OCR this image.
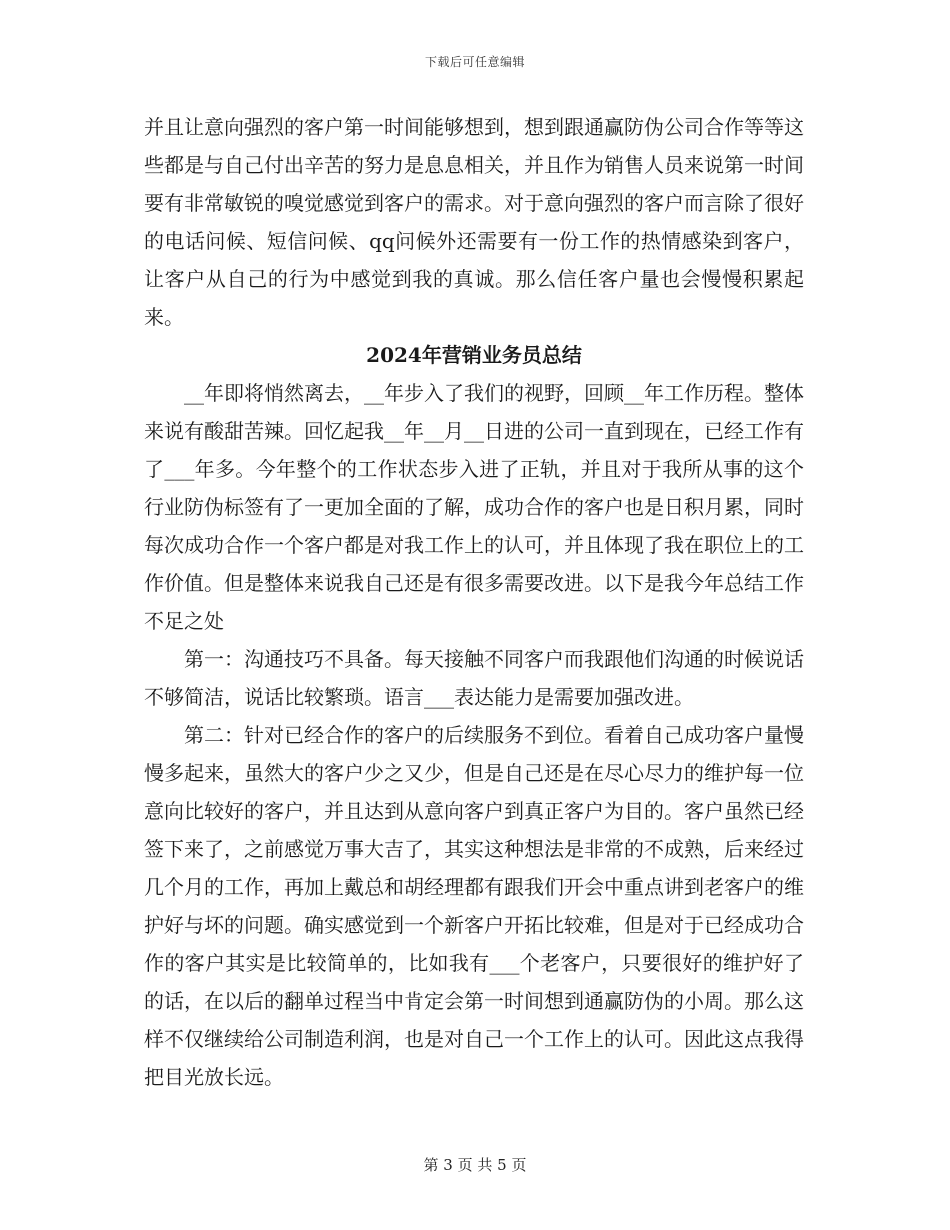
下载后可任意编辑

并且让意向强烈的客户第一时间能够想到，想到跟通赢防伪公司合作等等这些都是与自己付出辛苦的努力是息息相关，并且作为销售人员来说第一时间要有非常敏锐的嗅觉感觉到客户的需求。对于意向强烈的客户而言除了很好的电话问候、短信问候、qq问候外还需要有一份工作的热情感染到客户，让客户从自己的行为中感觉到我的真诚。那么信任客户量也会慢慢积累起来。

2024年营销业务员总结

__年即将悄然离去，__年步入了我们的视野，回顾__年工作历程。整体来说有酸甜苦辣。回忆起我__年__月__日进的公司一直到现在，已经工作有了___年多。今年整个的工作状态步入进了正轨，并且对于我所从事的这个行业防伪标签有了一更加全面的了解，成功合作的客户也是日积月累，同时每次成功合作一个客户都是对我工作上的认可，并且体现了我在职位上的工作价值。但是整体来说我自己还是有很多需要改进。以下是我今年总结工作不足之处

第一：沟通技巧不具备。每天接触不同客户而我跟他们沟通的时候说话不够简洁，说话比较繁琐。语言___表达能力是需要加强改进。

第二：针对已经合作的客户的后续服务不到位。看着自己成功客户量慢慢多起来，虽然大的客户少之又少，但是自己还是在尽心尽力的维护每一位意向比较好的客户，并且达到从意向客户到真正客户为目的。客户虽然已经签下来了，之前感觉万事大吉了，其实这种想法是非常的不成熟，后来经过几个月的工作，再加上戴总和胡经理都有跟我们开会中重点讲到老客户的维护好与坏的问题。确实感觉到一个新客户开拓比较难，但是对于已经成功合作的客户其实是比较简单的，比如我有___个老客户，只要很好的维护好了的话，在以后的翻单过程当中肯定会第一时间想到通赢防伪的小周。那么这样不仅继续给公司制造利润，也是对自己一个工作上的认可。因此这点我得把目光放长远。

第 3 页 共 5 页
